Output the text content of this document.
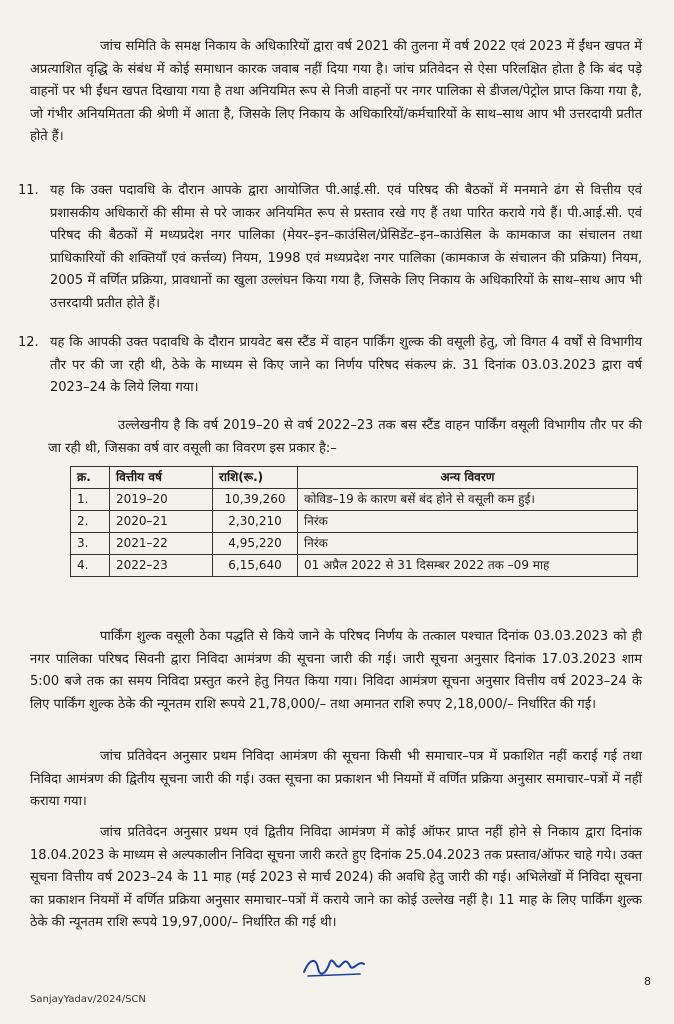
जांच समिति के समक्ष निकाय के अधिकारियों द्वारा वर्ष 2021 की तुलना में वर्ष 2022 एवं 2023 में ईंधन खपत में अप्रत्याशित वृद्धि के संबंध में कोई समाधान कारक जवाब नहीं दिया गया है। जांच प्रतिवेदन से ऐसा परिलक्षित होता है कि बंद पड़े वाहनों पर भी ईंधन खपत दिखाया गया है तथा अनियमित रूप से निजी वाहनों पर नगर पालिका से डीजल/पेट्रोल प्राप्त किया गया है, जो गंभीर अनियमितता की श्रेणी में आता है, जिसके लिए निकाय के अधिकारियों/कर्मचारियों के साथ–साथ आप भी उत्तरदायी प्रतीत होते हैं।

11. यह कि उक्त पदावधि के दौरान आपके द्वारा आयोजित पी.आई.सी. एवं परिषद की बैठकों में मनमाने ढंग से वित्तीय एवं प्रशासकीय अधिकारों की सीमा से परे जाकर अनियमित रूप से प्रस्ताव रखे गए हैं तथा पारित कराये गये हैं। पी.आई.सी. एवं परिषद की बैठकों में मध्यप्रदेश नगर पालिका (मेयर–इन–काउंसिल/प्रेसिडेंट–इन–काउंसिल के कामकाज का संचालन तथा प्राधिकारियों की शक्तियाँ एवं कर्त्तव्य) नियम, 1998 एवं मध्यप्रदेश नगर पालिका (कामकाज के संचालन की प्रक्रिया) नियम, 2005 में वर्णित प्रक्रिया, प्रावधानों का खुला उल्लंघन किया गया है, जिसके लिए निकाय के अधिकारियों के साथ–साथ आप भी उत्तरदायी प्रतीत होते हैं।
12. यह कि आपकी उक्त पदावधि के दौरान प्रायवेट बस स्टैंड में वाहन पार्किंग शुल्क की वसूली हेतु, जो विगत 4 वर्षों से विभागीय तौर पर की जा रही थी, ठेके के माध्यम से किए जाने का निर्णय परिषद संकल्प क्रं. 31 दिनांक 03.03.2023 द्वारा वर्ष 2023–24 के लिये लिया गया।

उल्लेखनीय है कि वर्ष 2019–20 से वर्ष 2022–23 तक बस स्टैंड वाहन पार्किंग वसूली विभागीय तौर पर की जा रही थी, जिसका वर्ष वार वसूली का विवरण इस प्रकार है:–

क्र.	वित्तीय वर्ष	राशि(रू.)	अन्य विवरण
1.	2019–20	10,39,260	कोविड–19 के कारण बसें बंद होने से वसूली कम हुई।
2.	2020–21	2,30,210	निरंक
3.	2021–22	4,95,220	निरंक
4.	2022–23	6,15,640	01 अप्रैल 2022 से 31 दिसम्बर 2022 तक –09 माह

पार्किंग शुल्क वसूली ठेका पद्धति से किये जाने के परिषद निर्णय के तत्काल पश्चात दिनांक 03.03.2023 को ही नगर पालिका परिषद सिवनी द्वारा निविदा आमंत्रण की सूचना जारी की गई। जारी सूचना अनुसार दिनांक 17.03.2023 शाम 5:00 बजे तक का समय निविदा प्रस्तुत करने हेतु नियत किया गया। निविदा आमंत्रण सूचना अनुसार वित्तीय वर्ष 2023–24 के लिए पार्किंग शुल्क ठेके की न्यूनतम राशि रूपये 21,78,000/– तथा अमानत राशि रुपए 2,18,000/– निर्धारित की गई।

जांच प्रतिवेदन अनुसार प्रथम निविदा आमंत्रण की सूचना किसी भी समाचार–पत्र में प्रकाशित नहीं कराई गई तथा निविदा आमंत्रण की द्वितीय सूचना जारी की गई। उक्त सूचना का प्रकाशन भी नियमों में वर्णित प्रक्रिया अनुसार समाचार–पत्रों में नहीं कराया गया।

जांच प्रतिवेदन अनुसार प्रथम एवं द्वितीय निविदा आमंत्रण में कोई ऑफर प्राप्त नहीं होने से निकाय द्वारा दिनांक 18.04.2023 के माध्यम से अल्पकालीन निविदा सूचना जारी करते हुए दिनांक 25.04.2023 तक प्रस्ताव/ऑफर चाहे गये। उक्त सूचना वित्तीय वर्ष 2023–24 के 11 माह (मई 2023 से मार्च 2024) की अवधि हेतु जारी की गई। अभिलेखों में निविदा सूचना का प्रकाशन नियमों में वर्णित प्रक्रिया अनुसार समाचार–पत्रों में कराये जाने का कोई उल्लेख नहीं है। 11 माह के लिए पार्किंग शुल्क ठेके की न्यूनतम राशि रूपये 19,97,000/– निर्धारित की गई थी।

8
SanjayYadav/2024/SCN
